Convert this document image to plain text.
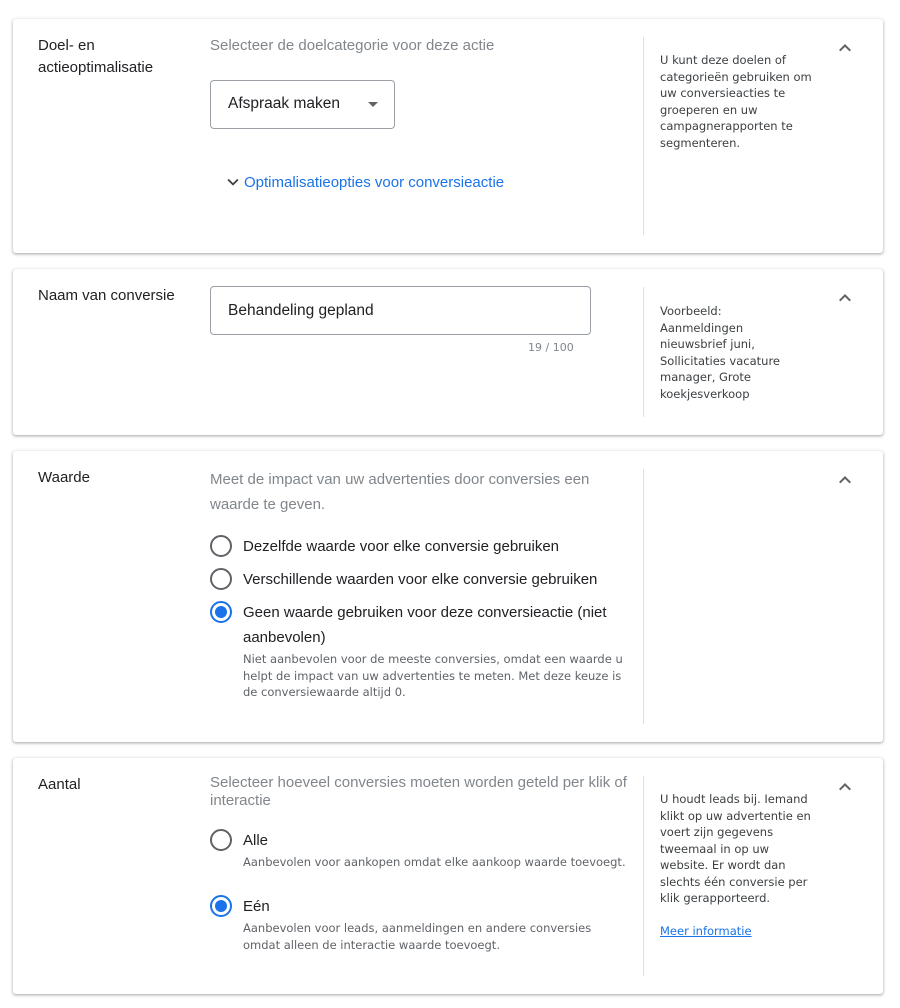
Doel- en actieoptimalisatie
Selecteer de doelcategorie voor deze actie
Afspraak maken
Optimalisatieopties voor conversieactie
U kunt deze doelen of categorieën gebruiken om uw conversieacties te groeperen en uw campagnerapporten te segmenteren.
Naam van conversie
Behandeling gepland
19 / 100
Voorbeeld: Aanmeldingen nieuwsbrief juni, Sollicitaties vacature manager, Grote koekjesverkoop
Waarde	Meet de impact van uw advertenties door conversies een waarde te geven.
Dezelfde waarde voor elke conversie gebruiken
Verschillende waarden voor elke conversie gebruiken
Geen waarde gebruiken voor deze conversieactie (niet aanbevolen)
Niet aanbevolen voor de meeste conversies, omdat een waarde u helpt de impact van uw advertenties te meten. Met deze keuze is de conversiewaarde altijd 0.
Aantal	Selecteer hoeveel conversies moeten worden geteld per klik of interactie
Alle
Aanbevolen voor aankopen omdat elke aankoop waarde toevoegt.
Eén
Aanbevolen voor leads, aanmeldingen en andere conversies omdat alleen de interactie waarde toevoegt.
U houdt leads bij. Iemand klikt op uw advertentie en voert zijn gegevens tweemaal in op uw website. Er wordt dan slechts één conversie per klik gerapporteerd.
Meer informatie
